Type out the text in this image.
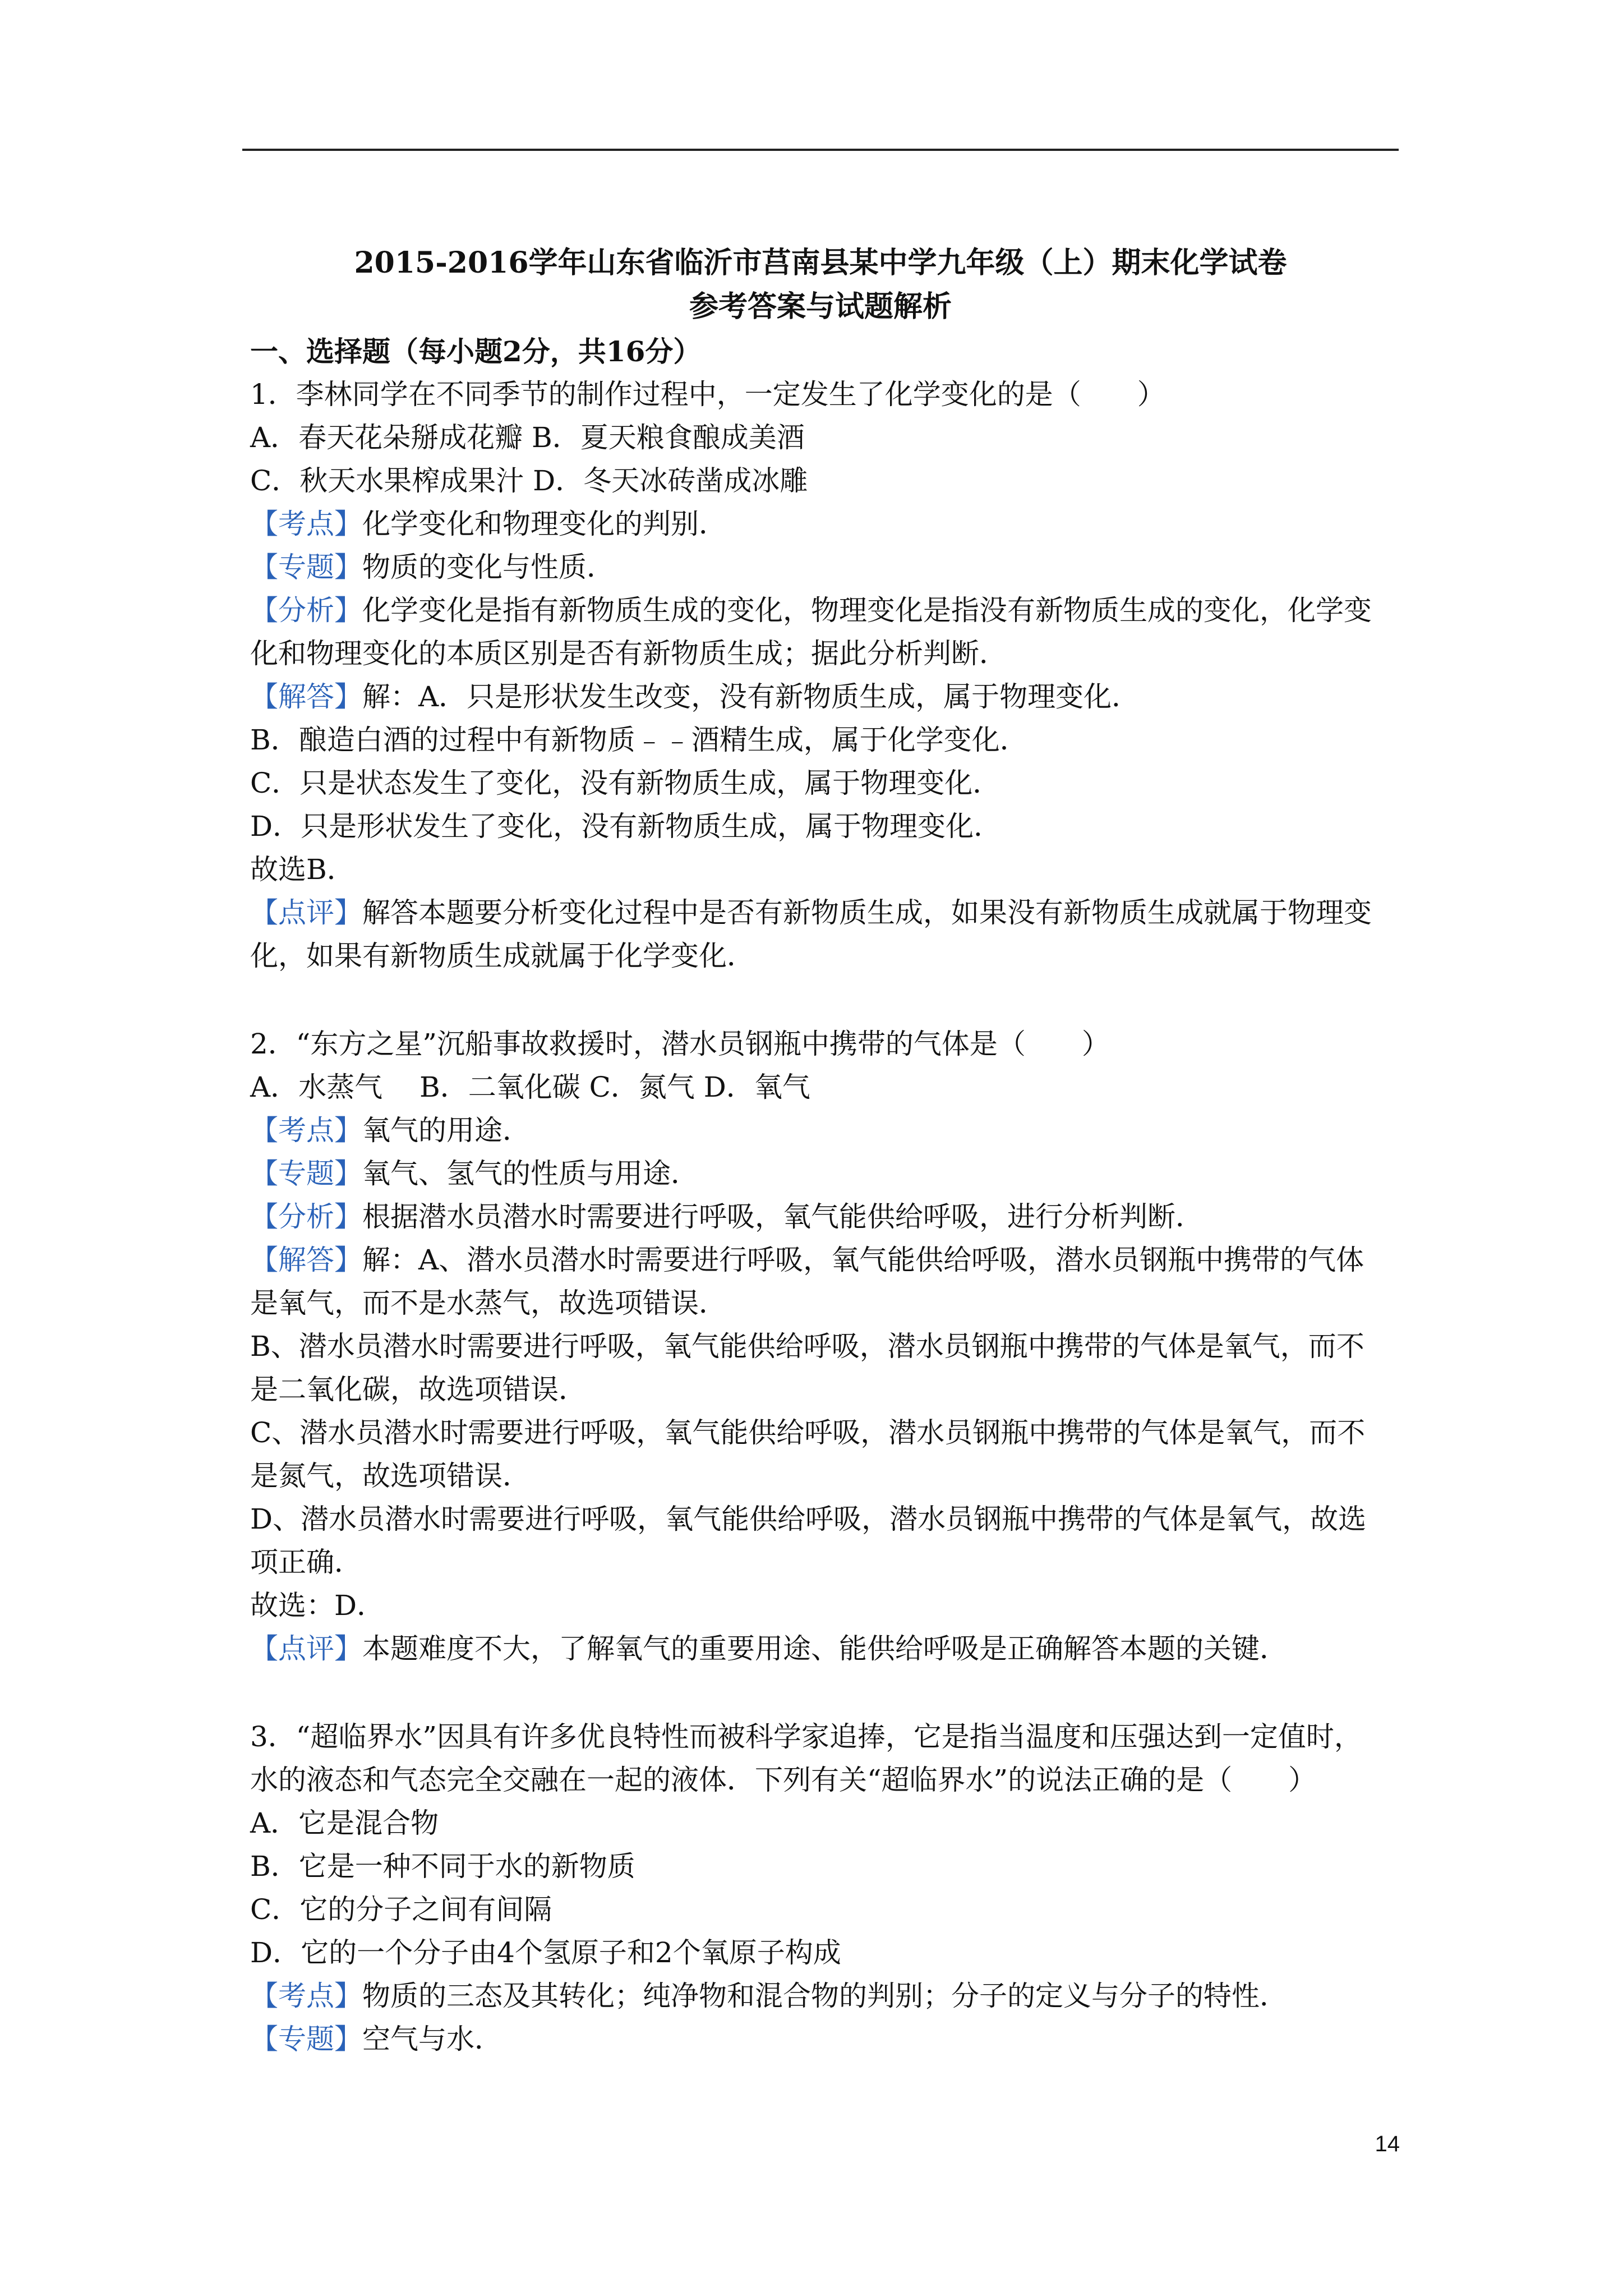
2015-2016学年山东省临沂市莒南县某中学九年级（上）期末化学试卷
参考答案与试题解析
一、选择题（每小题2分，共16分）
1．李林同学在不同季节的制作过程中，一定发生了化学变化的是（　　）
A．春天花朵掰成花瓣 B．夏天粮食酿成美酒
C．秋天水果榨成果汁 D．冬天冰砖凿成冰雕
【考点】化学变化和物理变化的判别．
【专题】物质的变化与性质．
【分析】化学变化是指有新物质生成的变化，物理变化是指没有新物质生成的变化，化学变
化和物理变化的本质区别是否有新物质生成；据此分析判断．
【解答】解：A．只是形状发生改变，没有新物质生成，属于物理变化．
B．酿造白酒的过程中有新物质﹣﹣酒精生成，属于化学变化．
C．只是状态发生了变化，没有新物质生成，属于物理变化．
D．只是形状发生了变化，没有新物质生成，属于物理变化．
故选B．
【点评】解答本题要分析变化过程中是否有新物质生成，如果没有新物质生成就属于物理变
化，如果有新物质生成就属于化学变化．
2．“东方之星”沉船事故救援时，潜水员钢瓶中携带的气体是（　　）
A．水蒸气　 B．二氧化碳 C．氮气 D．氧气
【考点】氧气的用途．
【专题】氧气、氢气的性质与用途．
【分析】根据潜水员潜水时需要进行呼吸，氧气能供给呼吸，进行分析判断．
【解答】解：A、潜水员潜水时需要进行呼吸，氧气能供给呼吸，潜水员钢瓶中携带的气体
是氧气，而不是水蒸气，故选项错误．
B、潜水员潜水时需要进行呼吸，氧气能供给呼吸，潜水员钢瓶中携带的气体是氧气，而不
是二氧化碳，故选项错误．
C、潜水员潜水时需要进行呼吸，氧气能供给呼吸，潜水员钢瓶中携带的气体是氧气，而不
是氮气，故选项错误．
D、潜水员潜水时需要进行呼吸，氧气能供给呼吸，潜水员钢瓶中携带的气体是氧气，故选
项正确．
故选：D．
【点评】本题难度不大，了解氧气的重要用途、能供给呼吸是正确解答本题的关键．
3．“超临界水”因具有许多优良特性而被科学家追捧，它是指当温度和压强达到一定值时，
水的液态和气态完全交融在一起的液体．下列有关“超临界水”的说法正确的是（　　）
A．它是混合物
B．它是一种不同于水的新物质
C．它的分子之间有间隔
D．它的一个分子由4个氢原子和2个氧原子构成
【考点】物质的三态及其转化；纯净物和混合物的判别；分子的定义与分子的特性．
【专题】空气与水．
14
